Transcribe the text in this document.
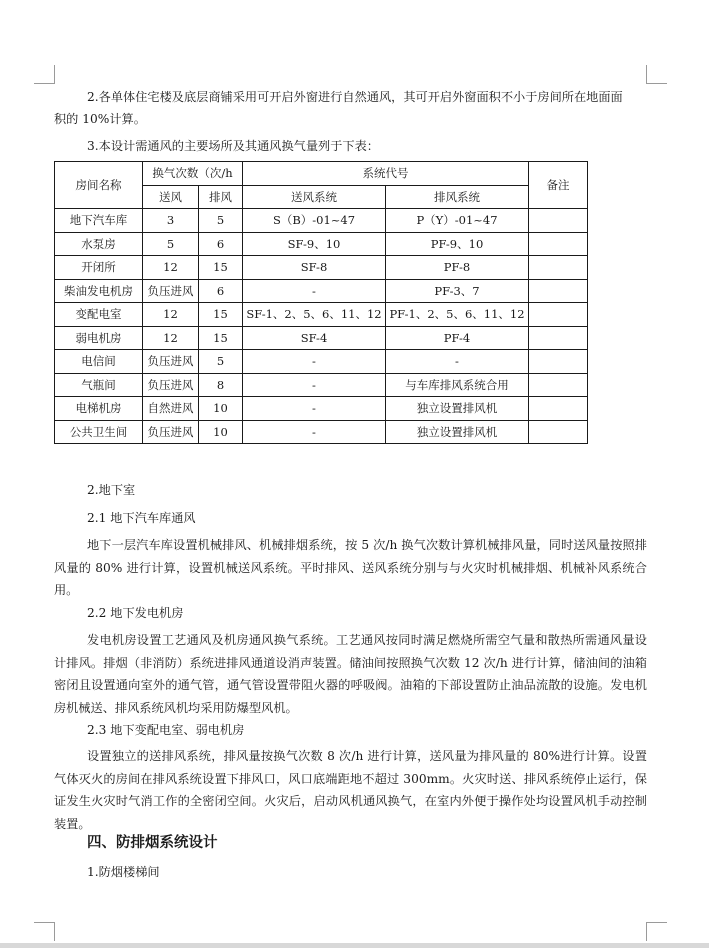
2.各单体住宅楼及底层商铺采用可开启外窗进行自然通风，其可开启外窗面积不小于房间所在地面面

积的 10%计算。

3.本设计需通风的主要场所及其通风换气量列于下表：

房间名称	换气次数（次/h		系统代号		备注
	送风	排风	送风系统	排风系统	
地下汽车库	3	5	S（B）-01~47	P（Y）-01~47	
水泵房	5	6	SF-9、10	PF-9、10	
开闭所	12	15	SF-8	PF-8	
柴油发电机房	负压进风	6	-	PF-3、7	
变配电室	12	15	SF-1、2、5、6、11、12	PF-1、2、5、6、11、12	
弱电机房	12	15	SF-4	PF-4	
电信间	负压进风	5	-	-	
气瓶间	负压进风	8	-	与车库排风系统合用	
电梯机房	自然进风	10	-	独立设置排风机	
公共卫生间	负压进风	10	-	独立设置排风机	

2.地下室

2.1 地下汽车库通风

地下一层汽车库设置机械排风、机械排烟系统，按 5 次/h 换气次数计算机械排风量，同时送风量按照排风量的 80% 进行计算，设置机械送风系统。平时排风、送风系统分别与与火灾时机械排烟、机械补风系统合用。

2.2 地下发电机房

发电机房设置工艺通风及机房通风换气系统。工艺通风按同时满足燃烧所需空气量和散热所需通风量设计排风。排烟（非消防）系统进排风通道设消声装置。储油间按照换气次数 12 次/h 进行计算，储油间的油箱密闭且设置通向室外的通气管，通气管设置带阻火器的呼吸阀。油箱的下部设置防止油品流散的设施。发电机房机械送、排风系统风机均采用防爆型风机。

2.3 地下变配电室、弱电机房

设置独立的送排风系统，排风量按换气次数 8 次/h 进行计算，送风量为排风量的 80%进行计算。设置气体灭火的房间在排风系统设置下排风口，风口底端距地不超过 300mm。火灾时送、排风系统停止运行，保证发生火灾时气消工作的全密闭空间。火灾后，启动风机通风换气，在室内外便于操作处均设置风机手动控制装置。

四、防排烟系统设计

1.防烟楼梯间
